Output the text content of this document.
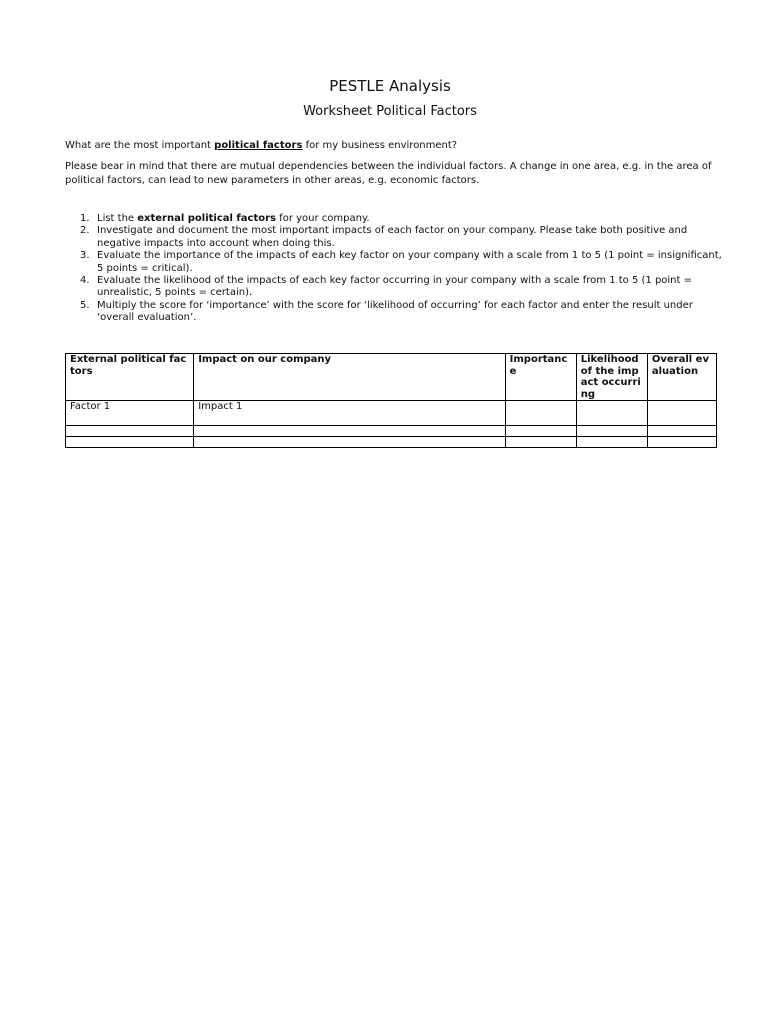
PESTLE Analysis
Worksheet Political Factors
What are the most important political factors for my business environment?
Please bear in mind that there are mutual dependencies between the individual factors. A change in one area, e.g. in the area of political factors, can lead to new parameters in other areas, e.g. economic factors.
1. List the external political factors for your company.
2. Investigate and document the most important impacts of each factor on your company. Please take both positive and negative impacts into account when doing this.
3. Evaluate the importance of the impacts of each key factor on your company with a scale from 1 to 5 (1 point = insignificant, 5 points = critical).
4. Evaluate the likelihood of the impacts of each key factor occurring in your company with a scale from 1 to 5 (1 point = unrealistic, 5 points = certain).
5. Multiply the score for ‘importance’ with the score for ‘likelihood of occurring’ for each factor and enter the result under ‘overall evaluation’.
External political factors	Impact on our company	Importance	Likelihood of the impact occurring	Overall evaluation
Factor 1	Impact 1			
